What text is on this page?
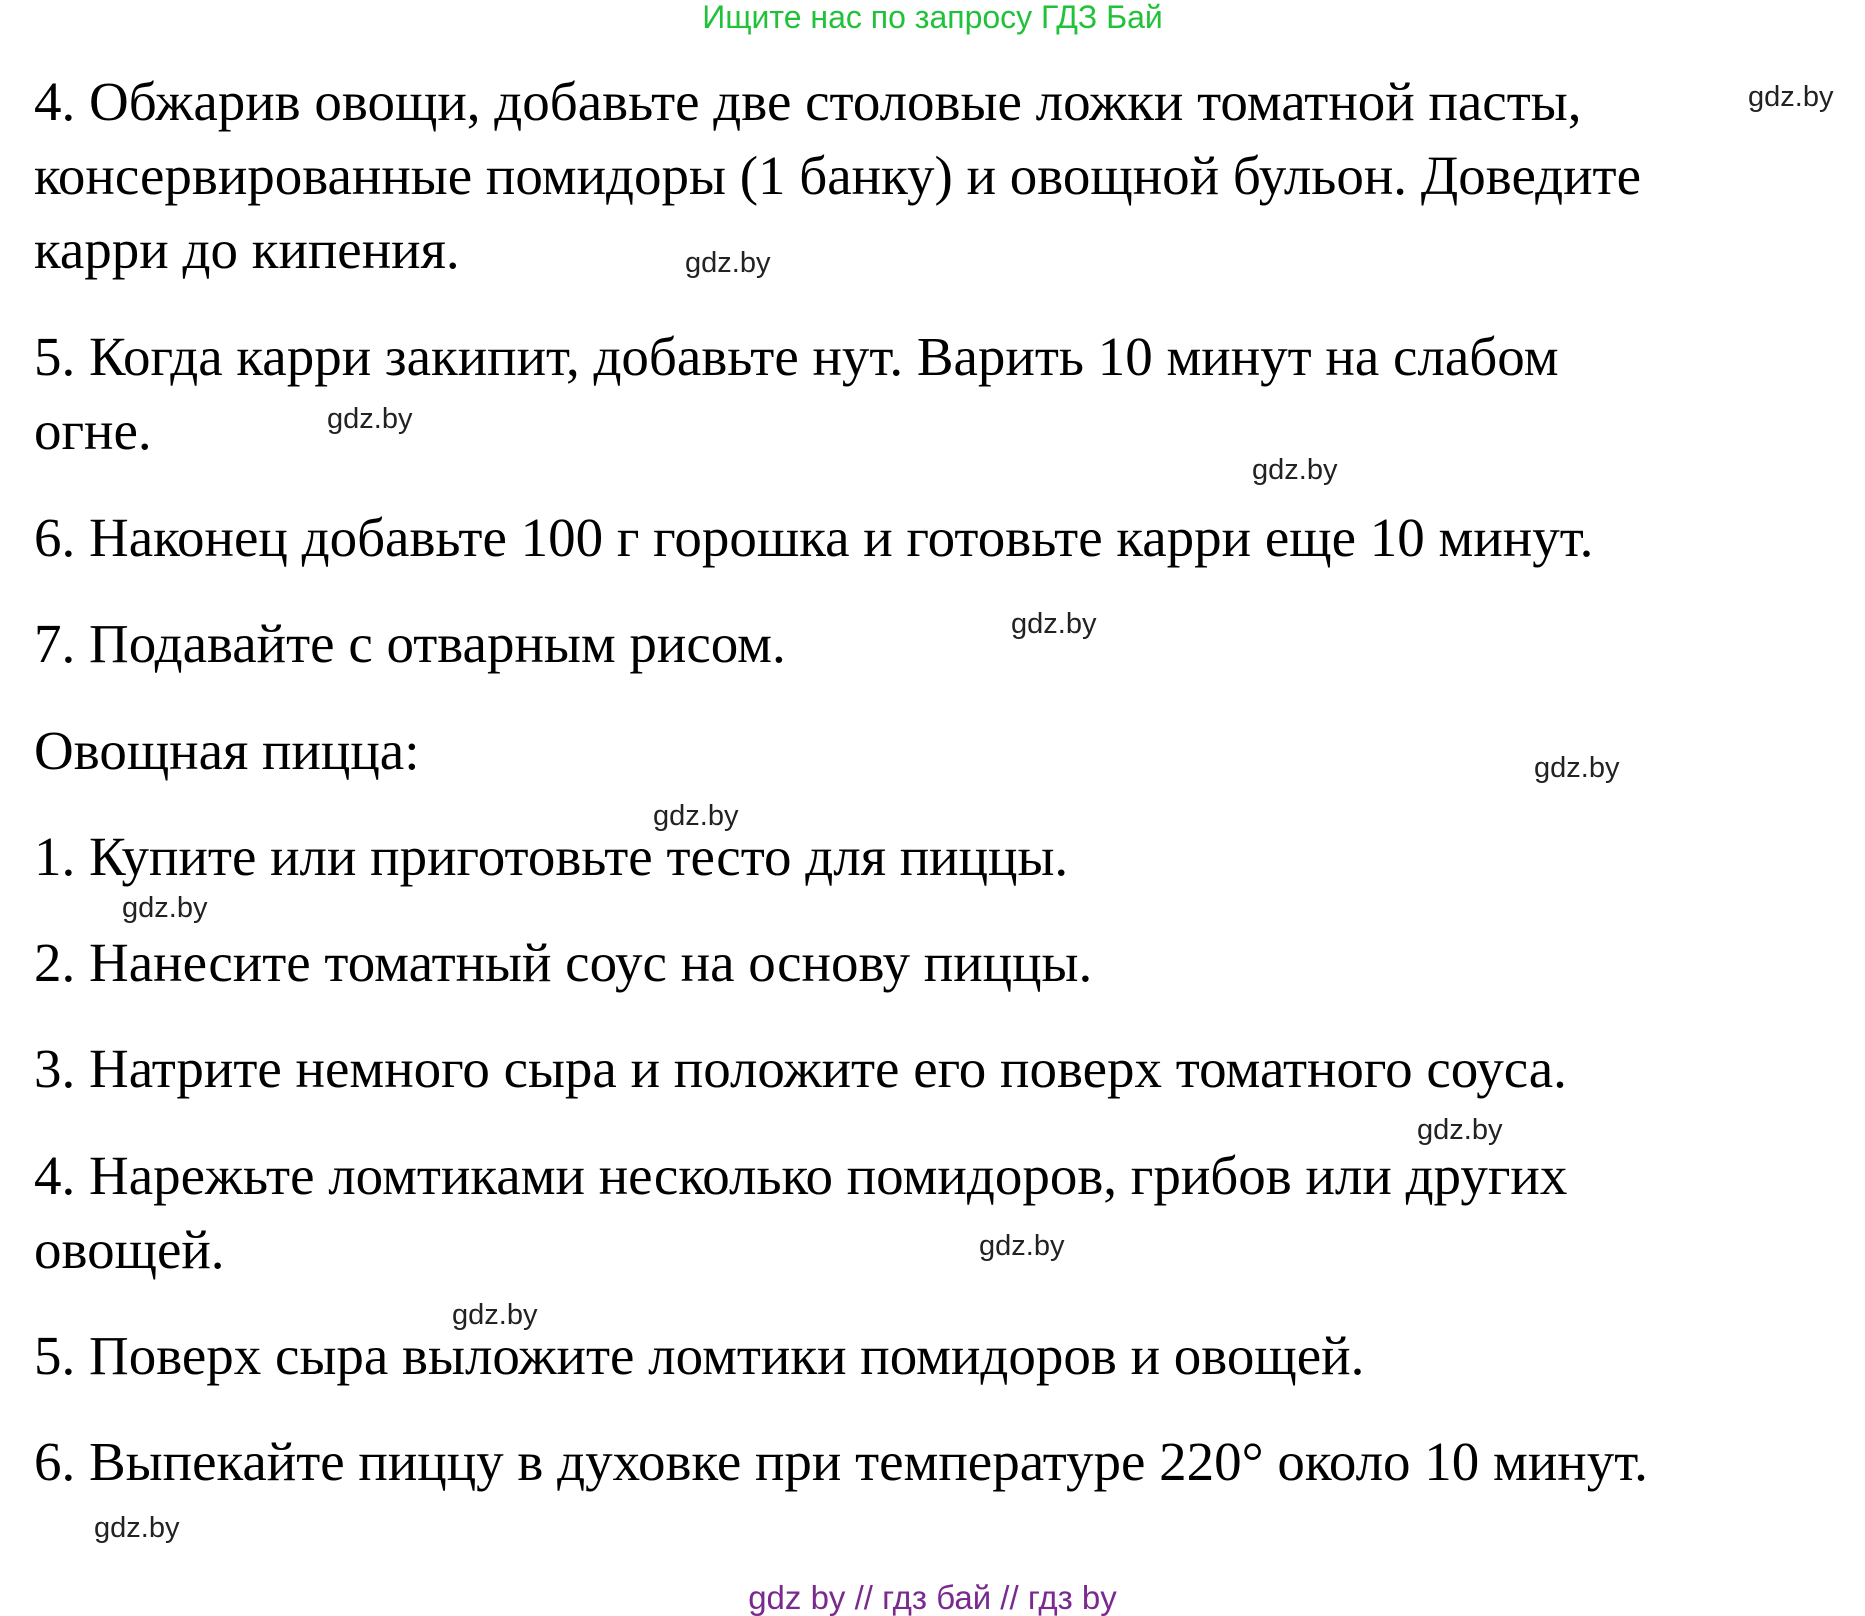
Ищите нас по запросу ГДЗ Бай
4. Обжарив овощи, добавьте две столовые ложки томатной пасты,
консервированные помидоры (1 банку) и овощной бульон. Доведите
карри до кипения.
5. Когда карри закипит, добавьте нут. Варить 10 минут на слабом
огне.
6. Наконец добавьте 100 г горошка и готовьте карри еще 10 минут.
7. Подавайте с отварным рисом.
Овощная пицца:
1. Купите или приготовьте тесто для пиццы.
2. Нанесите томатный соус на основу пиццы.
3. Натрите немного сыра и положите его поверх томатного соуса.
4. Нарежьте ломтиками несколько помидоров, грибов или других
овощей.
5. Поверх сыра выложите ломтики помидоров и овощей.
6. Выпекайте пиццу в духовке при температуре 220° около 10 минут.
gdz.by
gdz.by
gdz.by
gdz.by
gdz.by
gdz.by
gdz.by
gdz.by
gdz.by
gdz.by
gdz.by
gdz.by
gdz by // гдз бай // гдз by
